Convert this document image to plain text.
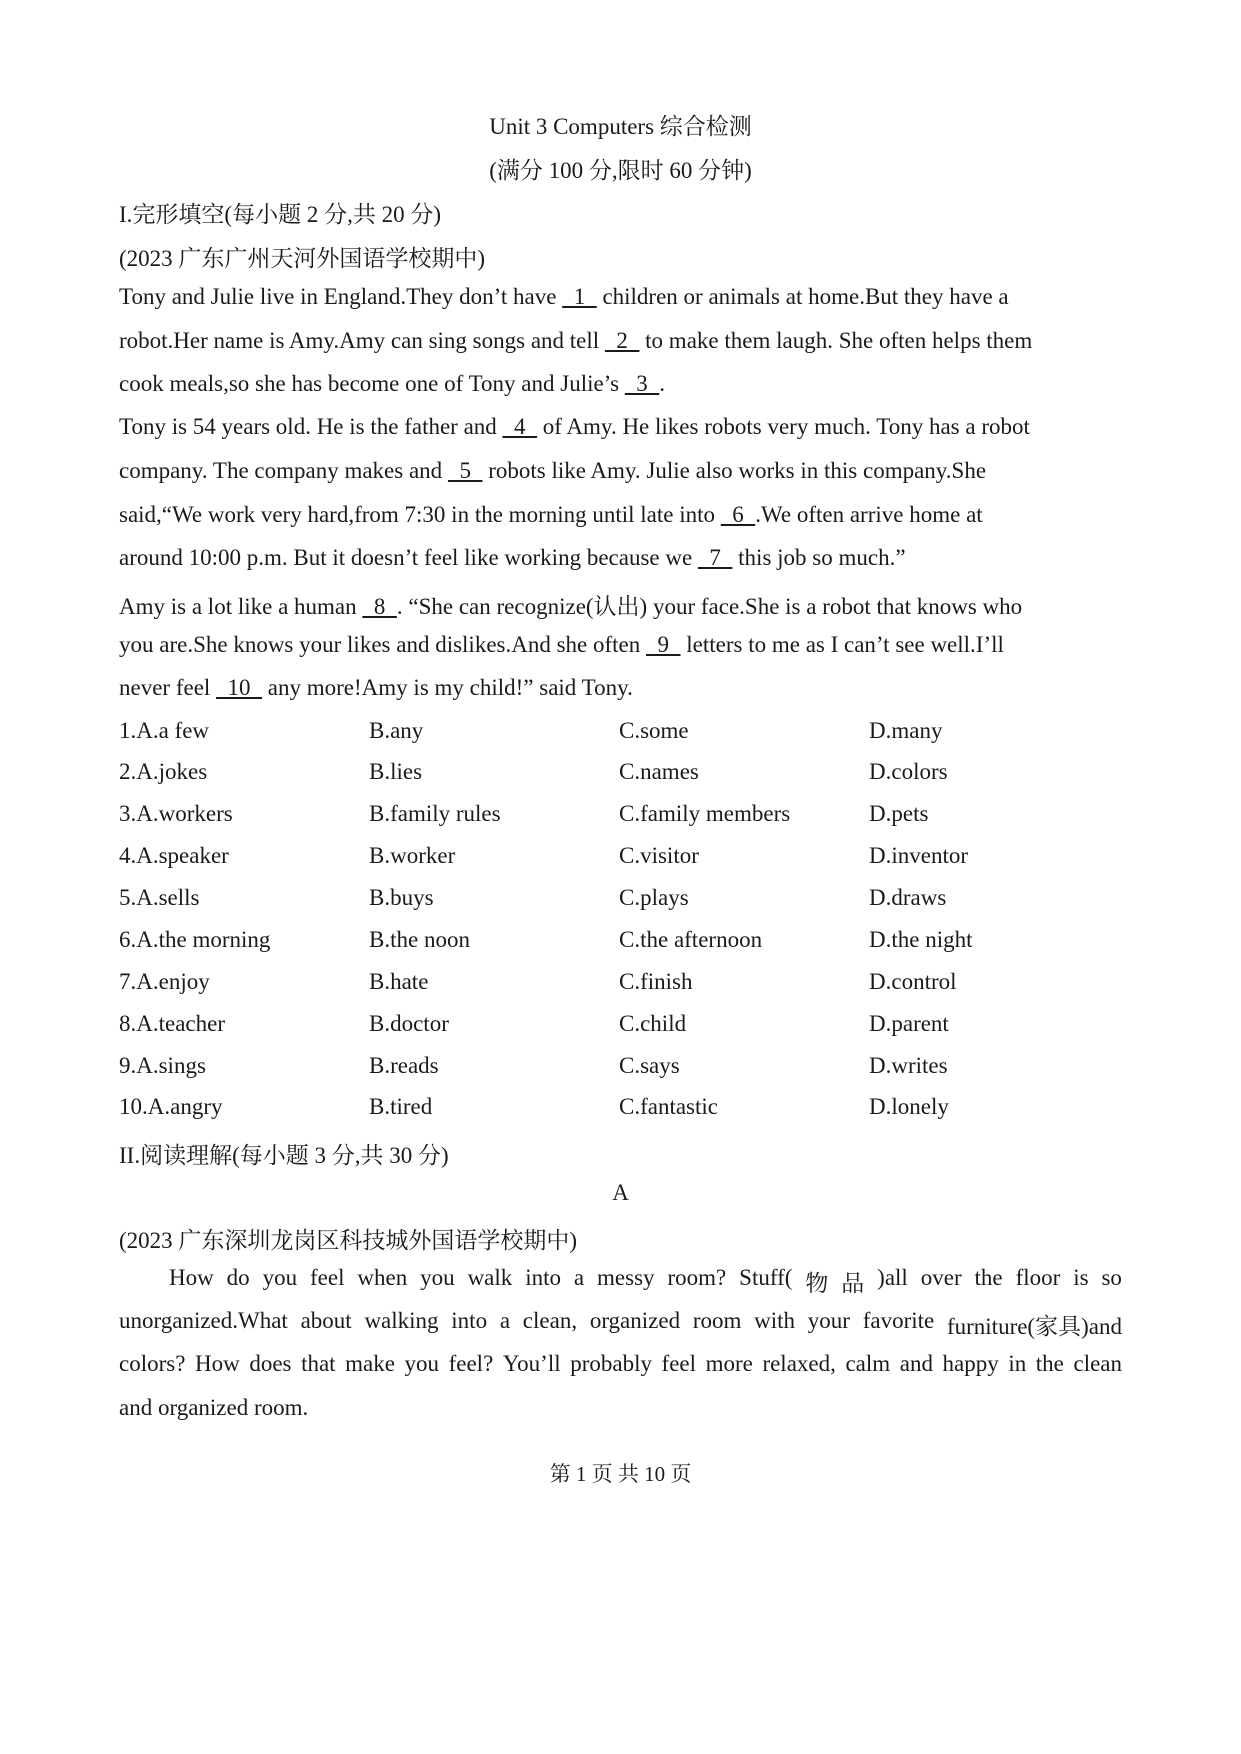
Unit 3 Computers 综合检测
(满分 100 分,限时 60 分钟)
I.完形填空(每小题 2 分,共 20 分)
(2023 广东广州天河外国语学校期中)
Tony and Julie live in England.They don’t have   1   children or animals at home.But they have a
robot.Her name is Amy.Amy can sing songs and tell   2   to make them laugh. She often helps them
cook meals,so she has become one of Tony and Julie’s   3  .
Tony is 54 years old. He is the father and   4   of Amy. He likes robots very much. Tony has a robot
company. The company makes and   5   robots like Amy. Julie also works in this company.She
said,“We work very hard,from 7:30 in the morning until late into   6  .We often arrive home at
around 10:00 p.m. But it doesn’t feel like working because we   7   this job so much.”
Amy is a lot like a human   8  . “She can recognize(认出) your face.She is a robot that knows who
you are.She knows your likes and dislikes.And she often   9   letters to me as I can’t see well.I’ll
never feel   10   any more!Amy is my child!” said Tony.
1.A.a few	B.any	C.some	D.many
2.A.jokes	B.lies	C.names	D.colors
3.A.workers	B.family rules	C.family members	D.pets
4.A.speaker	B.worker	C.visitor	D.inventor
5.A.sells	B.buys	C.plays	D.draws
6.A.the morning	B.the noon	C.the afternoon	D.the night
7.A.enjoy	B.hate	C.finish	D.control
8.A.teacher	B.doctor	C.child	D.parent
9.A.sings	B.reads	C.says	D.writes
10.A.angry	B.tired	C.fantastic	D.lonely
II.阅读理解(每小题 3 分,共 30 分)
A
(2023 广东深圳龙岗区科技城外国语学校期中)
How do you feel when you walk into a messy room? Stuff( 物 品 )all over the floor is so
unorganized.What about walking into a clean, organized room with your favorite furniture(家具)and
colors? How does that make you feel? You’ll probably feel more relaxed, calm and happy in the clean
and organized room.
第 1 页 共 10 页
